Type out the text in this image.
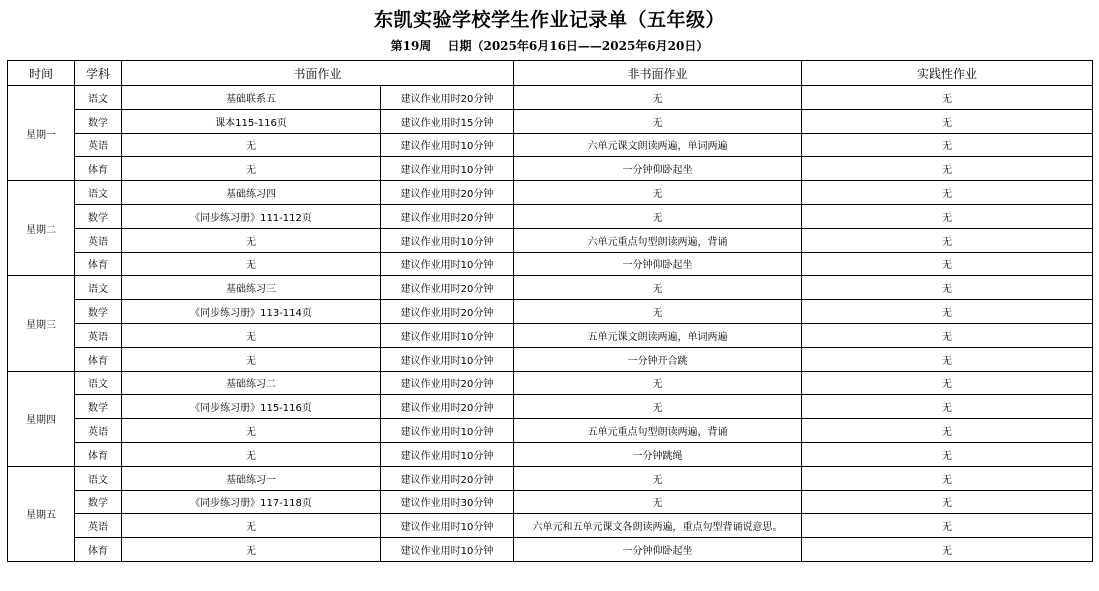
东凯实验学校学生作业记录单（五年级）
第19周 日期（2025年6月16日——2025年6月20日）
时间	学科	书面作业		非书面作业	实践性作业
星期一	语文	基础联系五	建议作业用时20分钟	无	无
	数学	课本115-116页	建议作业用时15分钟	无	无
	英语	无	建议作业用时10分钟	六单元课文朗读两遍，单词两遍	无
	体育	无	建议作业用时10分钟	一分钟仰卧起坐	无
星期二	语文	基础练习四	建议作业用时20分钟	无	无
	数学	《同步练习册》111-112页	建议作业用时20分钟	无	无
	英语	无	建议作业用时10分钟	六单元重点句型朗读两遍，背诵	无
	体育	无	建议作业用时10分钟	一分钟仰卧起坐	无
星期三	语文	基础练习三	建议作业用时20分钟	无	无
	数学	《同步练习册》113-114页	建议作业用时20分钟	无	无
	英语	无	建议作业用时10分钟	五单元课文朗读两遍，单词两遍	无
	体育	无	建议作业用时10分钟	一分钟开合跳	无
星期四	语文	基础练习二	建议作业用时20分钟	无	无
	数学	《同步练习册》115-116页	建议作业用时20分钟	无	无
	英语	无	建议作业用时10分钟	五单元重点句型朗读两遍，背诵	无
	体育	无	建议作业用时10分钟	一分钟跳绳	无
星期五	语文	基础练习一	建议作业用时20分钟	无	无
	数学	《同步练习册》117-118页	建议作业用时30分钟	无	无
	英语	无	建议作业用时10分钟	六单元和五单元课文各朗读两遍，重点句型背诵说意思。	无
	体育	无	建议作业用时10分钟	一分钟仰卧起坐	无
